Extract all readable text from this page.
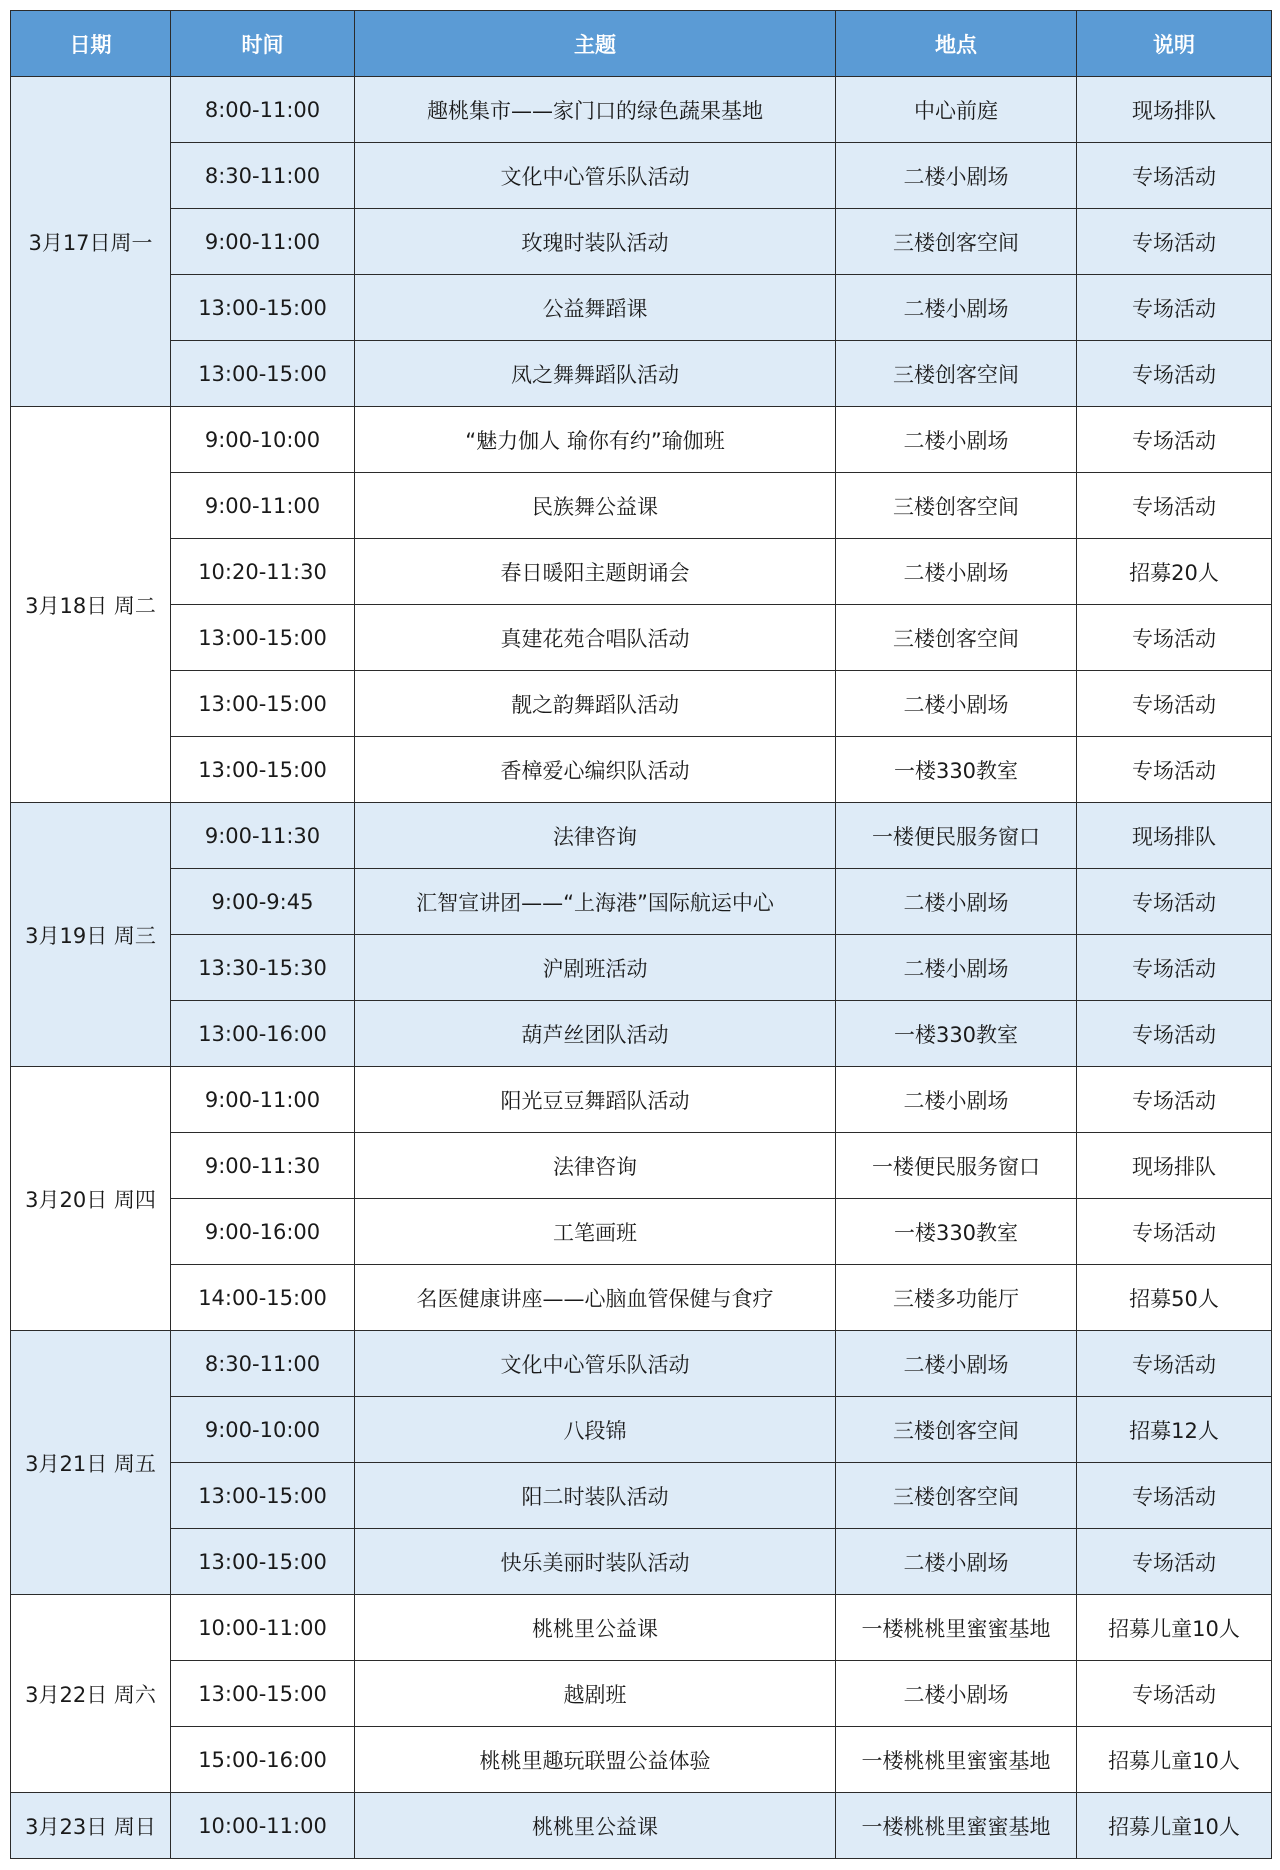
日期	时间	主题	地点	说明
3月17日周一	8:00-11:00	趣桃集市——家门口的绿色蔬果基地	中心前庭	现场排队
	8:30-11:00	文化中心管乐队活动	二楼小剧场	专场活动
	9:00-11:00	玫瑰时装队活动	三楼创客空间	专场活动
	13:00-15:00	公益舞蹈课	二楼小剧场	专场活动
	13:00-15:00	凤之舞舞蹈队活动	三楼创客空间	专场活动
3月18日 周二	9:00-10:00	“魅力伽人 瑜你有约”瑜伽班	二楼小剧场	专场活动
	9:00-11:00	民族舞公益课	三楼创客空间	专场活动
	10:20-11:30	春日暖阳主题朗诵会	二楼小剧场	招募20人
	13:00-15:00	真建花苑合唱队活动	三楼创客空间	专场活动
	13:00-15:00	靓之韵舞蹈队活动	二楼小剧场	专场活动
	13:00-15:00	香樟爱心编织队活动	一楼330教室	专场活动
3月19日 周三	9:00-11:30	法律咨询	一楼便民服务窗口	现场排队
	9:00-9:45	汇智宣讲团——“上海港”国际航运中心	二楼小剧场	专场活动
	13:30-15:30	沪剧班活动	二楼小剧场	专场活动
	13:00-16:00	葫芦丝团队活动	一楼330教室	专场活动
3月20日 周四	9:00-11:00	阳光豆豆舞蹈队活动	二楼小剧场	专场活动
	9:00-11:30	法律咨询	一楼便民服务窗口	现场排队
	9:00-16:00	工笔画班	一楼330教室	专场活动
	14:00-15:00	名医健康讲座——心脑血管保健与食疗	三楼多功能厅	招募50人
3月21日 周五	8:30-11:00	文化中心管乐队活动	二楼小剧场	专场活动
	9:00-10:00	八段锦	三楼创客空间	招募12人
	13:00-15:00	阳二时装队活动	三楼创客空间	专场活动
	13:00-15:00	快乐美丽时装队活动	二楼小剧场	专场活动
3月22日 周六	10:00-11:00	桃桃里公益课	一楼桃桃里蜜蜜基地	招募儿童10人
	13:00-15:00	越剧班	二楼小剧场	专场活动
	15:00-16:00	桃桃里趣玩联盟公益体验	一楼桃桃里蜜蜜基地	招募儿童10人
3月23日 周日	10:00-11:00	桃桃里公益课	一楼桃桃里蜜蜜基地	招募儿童10人
